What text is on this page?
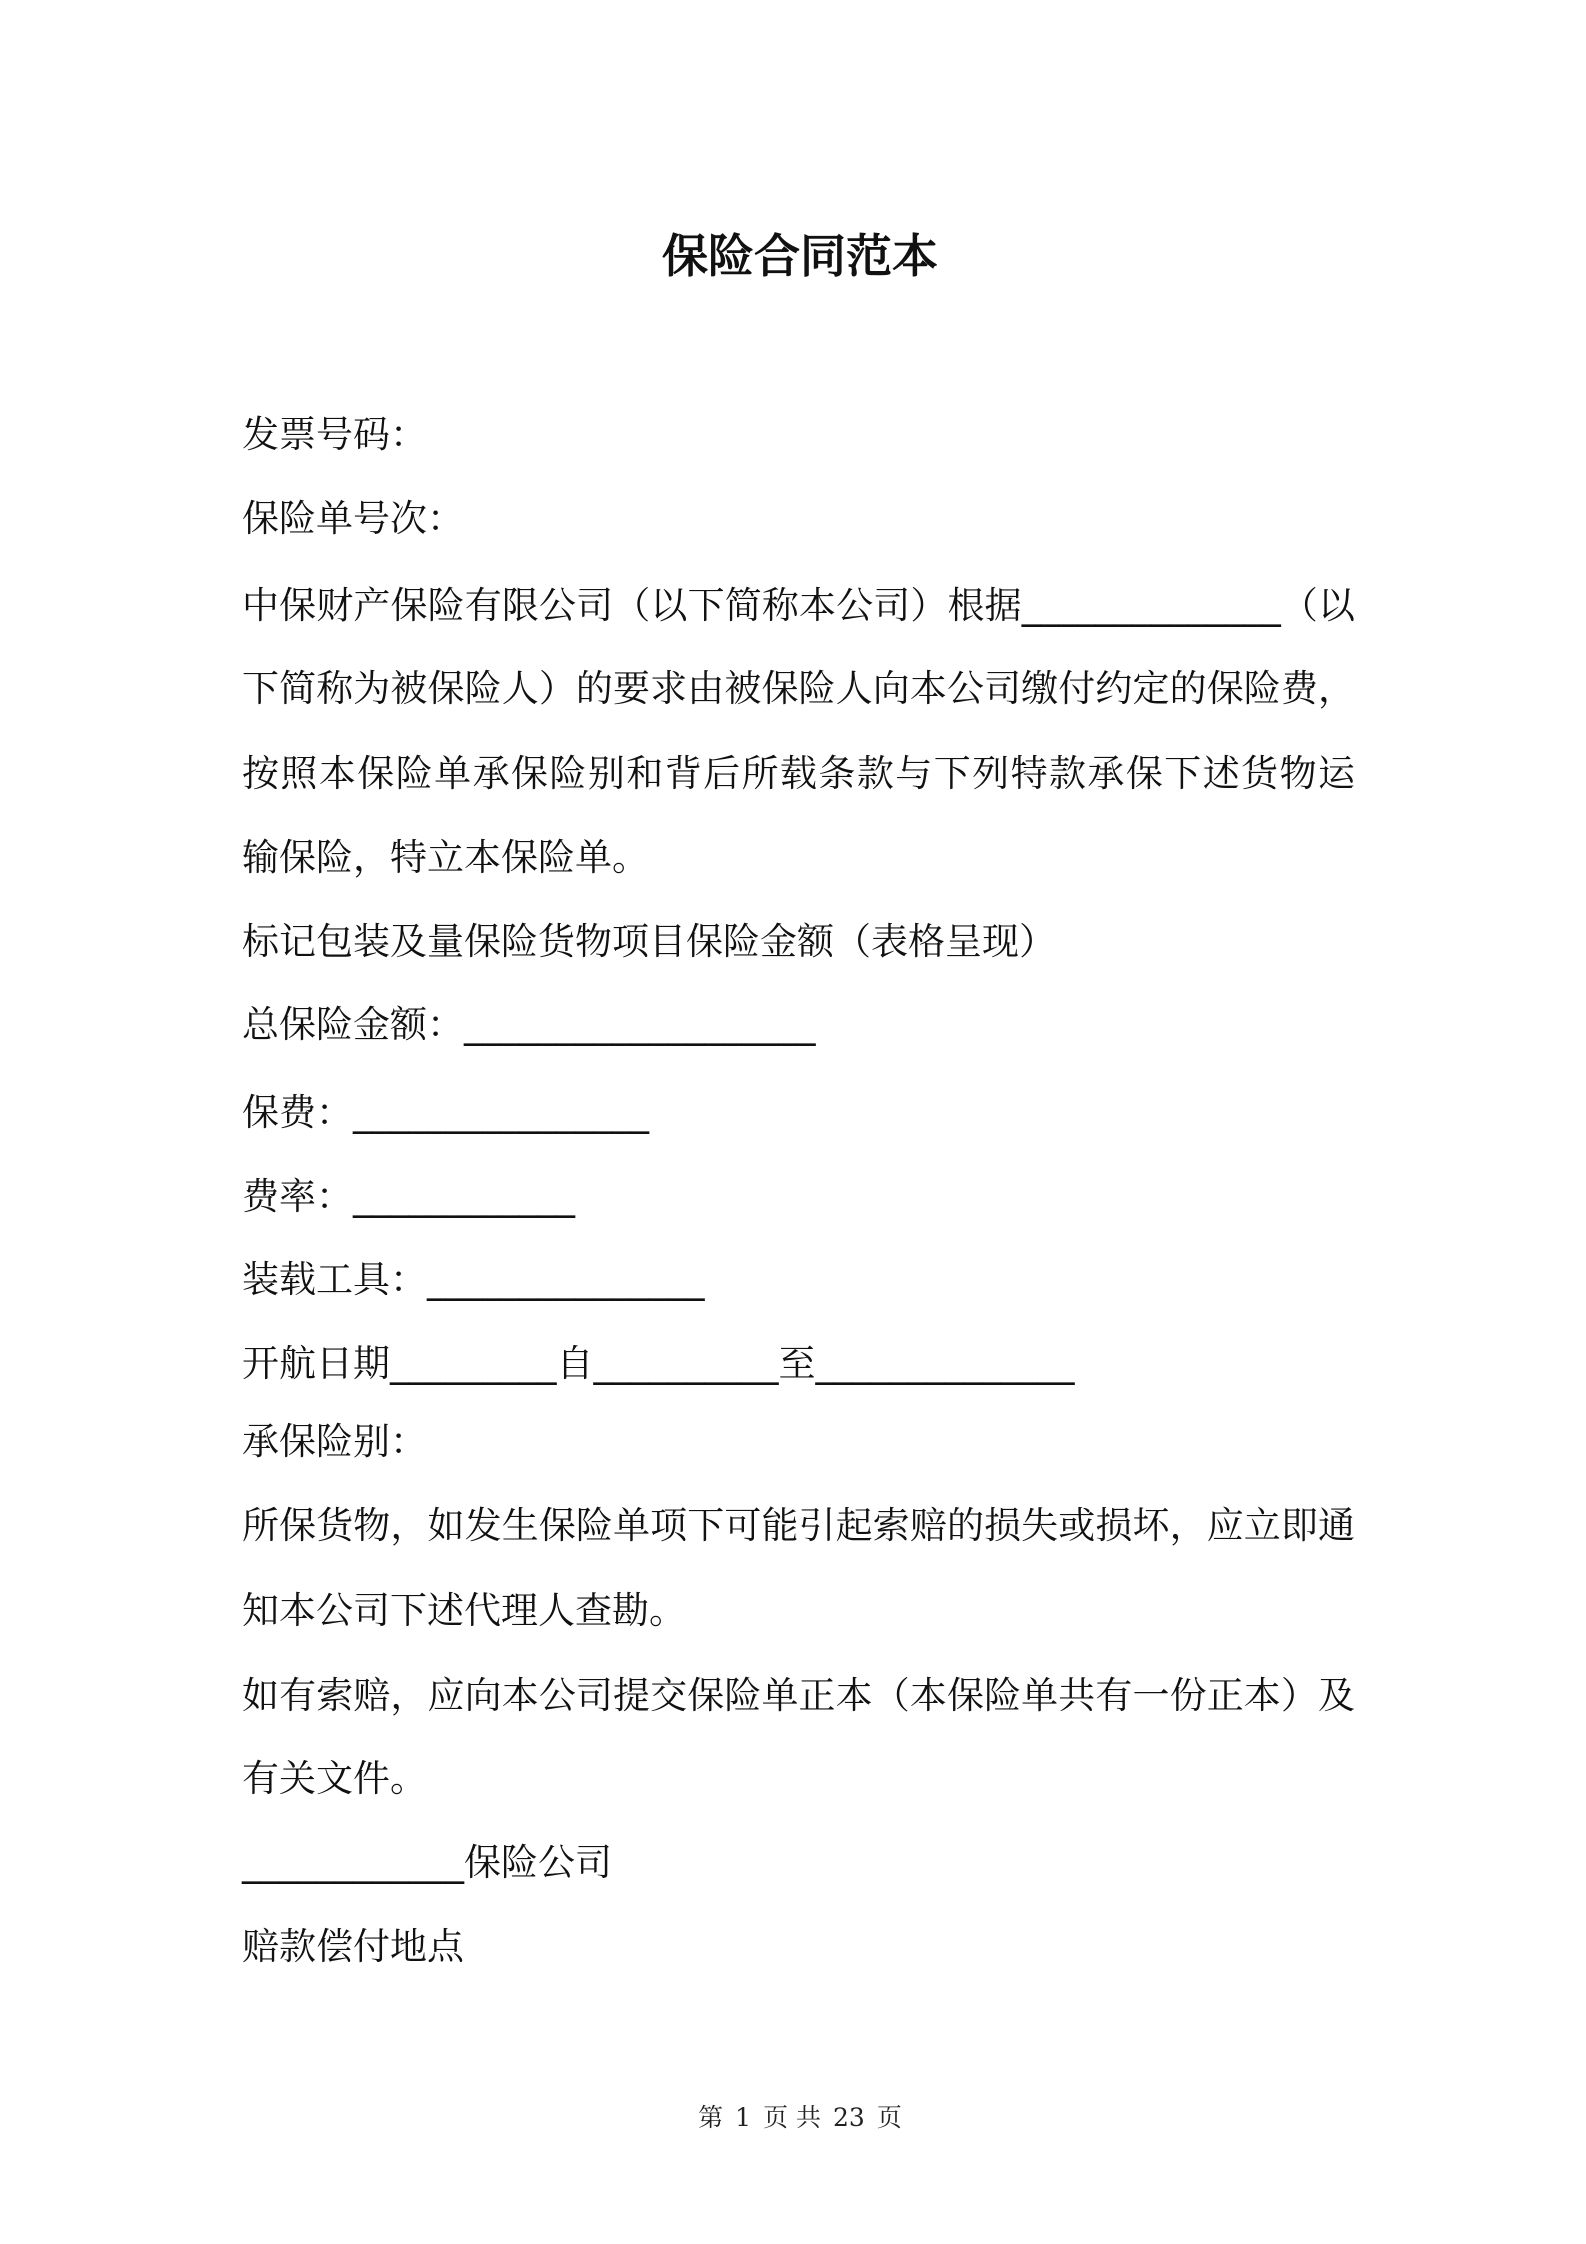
保险合同范本
发票号码：
保险单号次：
中保财产保险有限公司（以下简称本公司）根据______________（以
下简称为被保险人）的要求由被保险人向本公司缴付约定的保险费，
按照本保险单承保险别和背后所载条款与下列特款承保下述货物运
输保险，特立本保险单。
标记包装及量保险货物项目保险金额（表格呈现）
总保险金额：___________________
保费：________________
费率：____________
装载工具：_______________
开航日期_________自__________至______________
承保险别：
所保货物，如发生保险单项下可能引起索赔的损失或损坏，应立即通
知本公司下述代理人查勘。
如有索赔，应向本公司提交保险单正本（本保险单共有一份正本）及
有关文件。
____________保险公司
赔款偿付地点
第 1 页 共 23 页
